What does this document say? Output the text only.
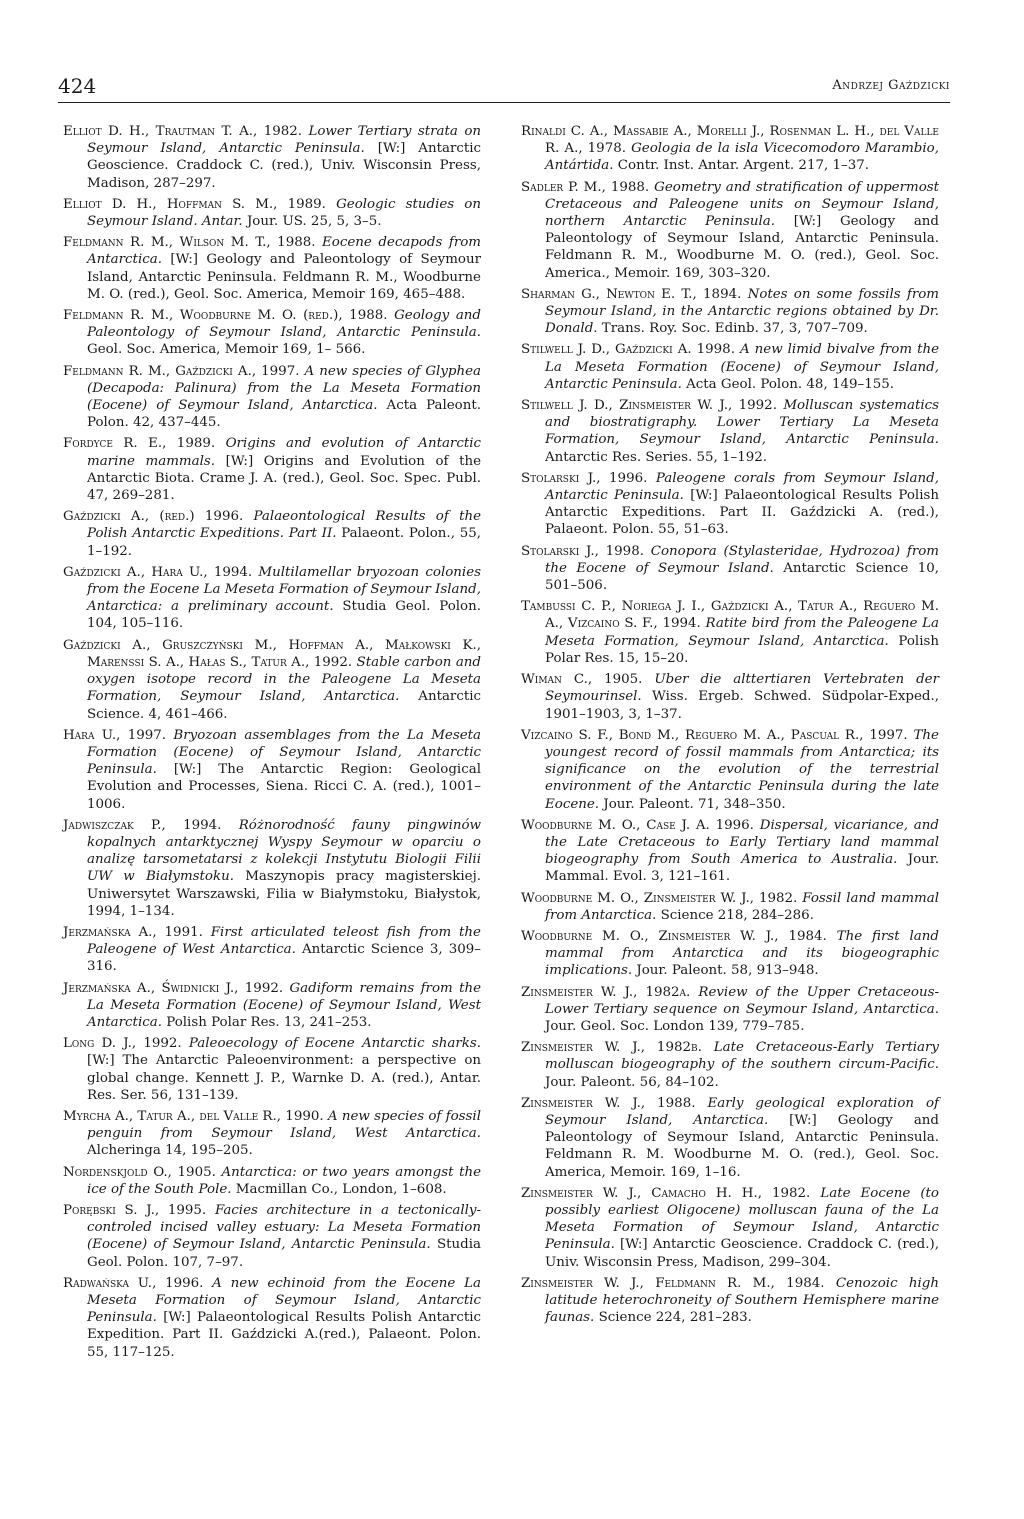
424	Andrzej Gaździcki

Elliot D. H., Trautman T. A., 1982. Lower Tertiary strata on Seymour Island, Antarctic Peninsula. [W:] Antarctic Geoscience. Craddock C. (red.), Univ. Wisconsin Press, Madison, 287–297.

Elliot D. H., Hoffman S. M., 1989. Geologic studies on Seymour Island. Antar. Jour. US. 25, 5, 3–5.

Feldmann R. M., Wilson M. T., 1988. Eocene decapods from Antarctica. [W:] Geology and Paleontology of Seymour Island, Antarctic Peninsula. Feldmann R. M., Woodburne M. O. (red.), Geol. Soc. America, Memoir 169, 465–488.

Feldmann R. M., Woodburne M. O. (red.), 1988. Geology and Paleontology of Seymour Island, Antarctic Peninsula. Geol. Soc. America, Memoir 169, 1– 566.

Feldmann R. M., Gaździcki A., 1997. A new species of Glyphea (Decapoda: Palinura) from the La Meseta Formation (Eocene) of Seymour Island, Antarctica. Acta Paleont. Polon. 42, 437–445.

Fordyce R. E., 1989. Origins and evolution of Antarctic marine mammals. [W:] Origins and Evolution of the Antarctic Biota. Crame J. A. (red.), Geol. Soc. Spec. Publ. 47, 269–281.

Gaździcki A., (red.) 1996. Palaeontological Results of the Polish Antarctic Expeditions. Part II. Palaeont. Polon., 55, 1–192.

Gaździcki A., Hara U., 1994. Multilamellar bryozoan colonies from the Eocene La Meseta Formation of Seymour Island, Antarctica: a preliminary account. Studia Geol. Polon. 104, 105–116.

Gaździcki A., Gruszczyński M., Hoffman A., Małkowski K., Marenssi S. A., Hałas S., Tatur A., 1992. Stable carbon and oxygen isotope record in the Paleogene La Meseta Formation, Seymour Island, Antarctica. Antarctic Science. 4, 461–466.

Hara U., 1997. Bryozoan assemblages from the La Meseta Formation (Eocene) of Seymour Island, Antarctic Peninsula. [W:] The Antarctic Region: Geological Evolution and Processes, Siena. Ricci C. A. (red.), 1001–1006.

Jadwiszczak P., 1994. Różnorodność fauny pingwinów kopalnych antarktycznej Wyspy Seymour w oparciu o analizę tarsometatarsi z kolekcji Instytutu Biologii Filii UW w Białymstoku. Maszynopis pracy magisterskiej. Uniwersytet Warszawski, Filia w Białymstoku, Białystok, 1994, 1–134.

Jerzmańska A., 1991. First articulated teleost fish from the Paleogene of West Antarctica. Antarctic Science 3, 309–316.

Jerzmańska A., Świdnicki J., 1992. Gadiform remains from the La Meseta Formation (Eocene) of Seymour Island, West Antarctica. Polish Polar Res. 13, 241–253.

Long D. J., 1992. Paleoecology of Eocene Antarctic sharks. [W:] The Antarctic Paleoenvironment: a perspective on global change. Kennett J. P., Warnke D. A. (red.), Antar. Res. Ser. 56, 131–139.

Myrcha A., Tatur A., del Valle R., 1990. A new species of fossil penguin from Seymour Island, West Antarctica. Alcheringa 14, 195–205.

Nordenskjold O., 1905. Antarctica: or two years amongst the ice of the South Pole. Macmillan Co., London, 1–608.

Porębski S. J., 1995. Facies architecture in a tectonically-controled incised valley estuary: La Meseta Formation (Eocene) of Seymour Island, Antarctic Peninsula. Studia Geol. Polon. 107, 7–97.

Radwańska U., 1996. A new echinoid from the Eocene La Meseta Formation of Seymour Island, Antarctic Peninsula. [W:] Palaeontological Results Polish Antarctic Expedition. Part II. Gaździcki A.(red.), Palaeont. Polon. 55, 117–125.

Rinaldi C. A., Massabie A., Morelli J., Rosenman L. H., del Valle R. A., 1978. Geologia de la isla Vicecomodoro Marambio, Antártida. Contr. Inst. Antar. Argent. 217, 1–37.

Sadler P. M., 1988. Geometry and stratification of uppermost Cretaceous and Paleogene units on Seymour Island, northern Antarctic Peninsula. [W:] Geology and Paleontology of Seymour Island, Antarctic Peninsula. Feldmann R. M., Woodburne M. O. (red.), Geol. Soc. America., Memoir. 169, 303–320.

Sharman G., Newton E. T., 1894. Notes on some fossils from Seymour Island, in the Antarctic regions obtained by Dr. Donald. Trans. Roy. Soc. Edinb. 37, 3, 707–709.

Stilwell J. D., Gaździcki A. 1998. A new limid bivalve from the La Meseta Formation (Eocene) of Seymour Island, Antarctic Peninsula. Acta Geol. Polon. 48, 149–155.

Stilwell J. D., Zinsmeister W. J., 1992. Molluscan systematics and biostratigraphy. Lower Tertiary La Meseta Formation, Seymour Island, Antarctic Peninsula. Antarctic Res. Series. 55, 1–192.

Stolarski J., 1996. Paleogene corals from Seymour Island, Antarctic Peninsula. [W:] Palaeontological Results Polish Antarctic Expeditions. Part II. Gaździcki A. (red.), Palaeont. Polon. 55, 51–63.

Stolarski J., 1998. Conopora (Stylasteridae, Hydrozoa) from the Eocene of Seymour Island. Antarctic Science 10, 501–506.

Tambussi C. P., Noriega J. I., Gaździcki A., Tatur A., Reguero M. A., Vizcaino S. F., 1994. Ratite bird from the Paleogene La Meseta Formation, Seymour Island, Antarctica. Polish Polar Res. 15, 15–20.

Wiman C., 1905. Uber die alttertiaren Vertebraten der Seymourinsel. Wiss. Ergeb. Schwed. Südpolar-Exped., 1901–1903, 3, 1–37.

Vizcaino S. F., Bond M., Reguero M. A., Pascual R., 1997. The youngest record of fossil mammals from Antarctica; its significance on the evolution of the terrestrial environment of the Antarctic Peninsula during the late Eocene. Jour. Paleont. 71, 348–350.

Woodburne M. O., Case J. A. 1996. Dispersal, vicariance, and the Late Cretaceous to Early Tertiary land mammal biogeography from South America to Australia. Jour. Mammal. Evol. 3, 121–161.

Woodburne M. O., Zinsmeister W. J., 1982. Fossil land mammal from Antarctica. Science 218, 284–286.

Woodburne M. O., Zinsmeister W. J., 1984. The first land mammal from Antarctica and its biogeographic implications. Jour. Paleont. 58, 913–948.

Zinsmeister W. J., 1982a. Review of the Upper Cretaceous-Lower Tertiary sequence on Seymour Island, Antarctica. Jour. Geol. Soc. London 139, 779–785.

Zinsmeister W. J., 1982b. Late Cretaceous-Early Tertiary molluscan biogeography of the southern circum-Pacific. Jour. Paleont. 56, 84–102.

Zinsmeister W. J., 1988. Early geological exploration of Seymour Island, Antarctica. [W:] Geology and Paleontology of Seymour Island, Antarctic Peninsula. Feldmann R. M. Woodburne M. O. (red.), Geol. Soc. America, Memoir. 169, 1–16.

Zinsmeister W. J., Camacho H. H., 1982. Late Eocene (to possibly earliest Oligocene) molluscan fauna of the La Meseta Formation of Seymour Island, Antarctic Peninsula. [W:] Antarctic Geoscience. Craddock C. (red.), Univ. Wisconsin Press, Madison, 299–304.

Zinsmeister W. J., Feldmann R. M., 1984. Cenozoic high latitude heterochroneity of Southern Hemisphere marine faunas. Science 224, 281–283.
